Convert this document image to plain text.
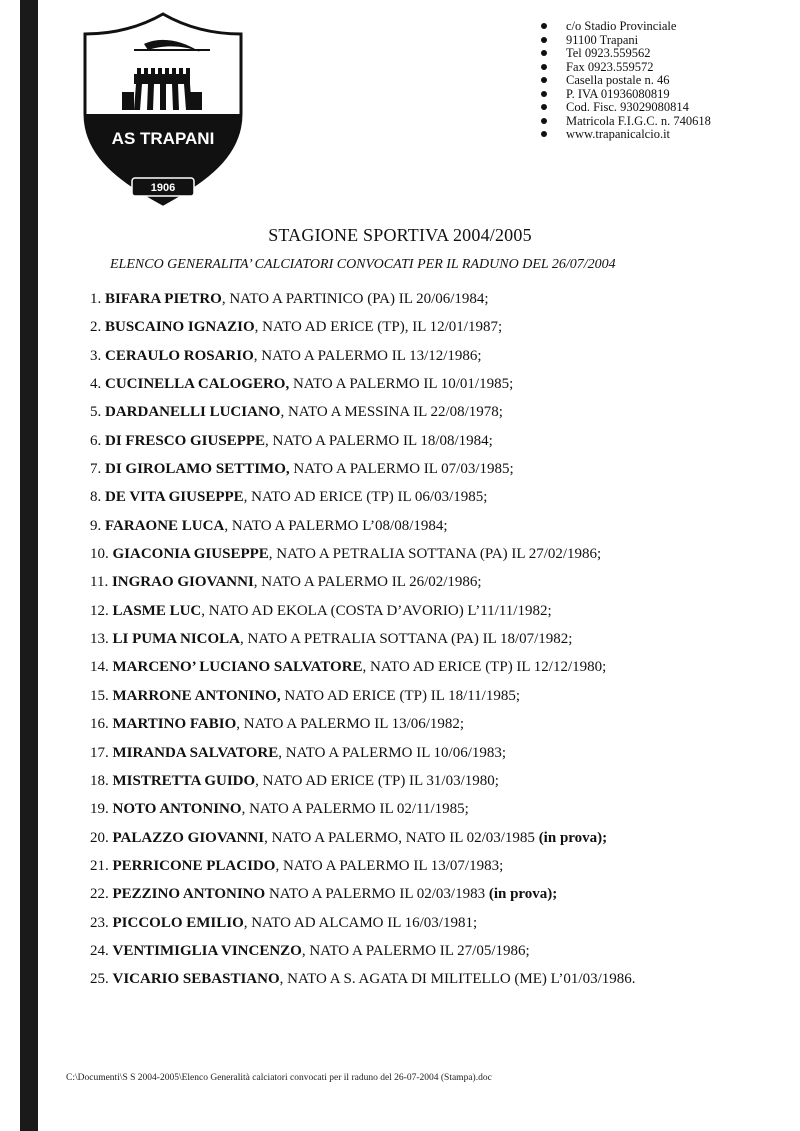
AS TRAPANI
1906
c/o Stadio Provinciale
91100 Trapani
Tel 0923.559562
Fax 0923.559572
Casella postale n. 46
P. IVA 01936080819
Cod. Fisc. 93029080814
Matricola F.I.G.C. n. 740618
www.trapanicalcio.it
STAGIONE SPORTIVA 2004/2005
ELENCO GENERALITA’ CALCIATORI CONVOCATI PER IL RADUNO DEL 26/07/2004
1. BIFARA PIETRO, NATO A PARTINICO (PA) IL 20/06/1984;
2. BUSCAINO IGNAZIO, NATO AD ERICE (TP), IL 12/01/1987;
3. CERAULO ROSARIO, NATO A PALERMO IL 13/12/1986;
4. CUCINELLA CALOGERO, NATO A PALERMO IL 10/01/1985;
5. DARDANELLI LUCIANO, NATO A MESSINA IL 22/08/1978;
6. DI FRESCO GIUSEPPE, NATO A PALERMO IL 18/08/1984;
7. DI GIROLAMO SETTIMO, NATO A PALERMO IL 07/03/1985;
8. DE VITA GIUSEPPE, NATO AD ERICE (TP) IL 06/03/1985;
9. FARAONE LUCA, NATO A PALERMO L’08/08/1984;
10. GIACONIA GIUSEPPE, NATO A PETRALIA SOTTANA (PA) IL 27/02/1986;
11. INGRAO GIOVANNI, NATO A PALERMO IL 26/02/1986;
12. LASME LUC, NATO AD EKOLA (COSTA D’AVORIO) L’11/11/1982;
13. LI PUMA NICOLA, NATO A PETRALIA SOTTANA (PA) IL 18/07/1982;
14. MARCENO’ LUCIANO SALVATORE, NATO AD ERICE (TP) IL 12/12/1980;
15. MARRONE ANTONINO, NATO AD ERICE (TP) IL 18/11/1985;
16. MARTINO FABIO, NATO A PALERMO IL 13/06/1982;
17. MIRANDA SALVATORE, NATO A PALERMO IL 10/06/1983;
18. MISTRETTA GUIDO, NATO AD ERICE (TP) IL 31/03/1980;
19. NOTO ANTONINO, NATO A PALERMO IL 02/11/1985;
20. PALAZZO GIOVANNI, NATO A PALERMO, NATO IL 02/03/1985 (in prova);
21. PERRICONE PLACIDO, NATO A PALERMO IL 13/07/1983;
22. PEZZINO ANTONINO NATO A PALERMO IL 02/03/1983 (in prova);
23. PICCOLO EMILIO, NATO AD ALCAMO IL 16/03/1981;
24. VENTIMIGLIA VINCENZO, NATO A PALERMO IL 27/05/1986;
25. VICARIO SEBASTIANO, NATO A S. AGATA DI MILITELLO (ME) L’01/03/1986.
C:\Documenti\S S 2004-2005\Elenco Generalità calciatori convocati per il raduno del 26-07-2004 (Stampa).doc
